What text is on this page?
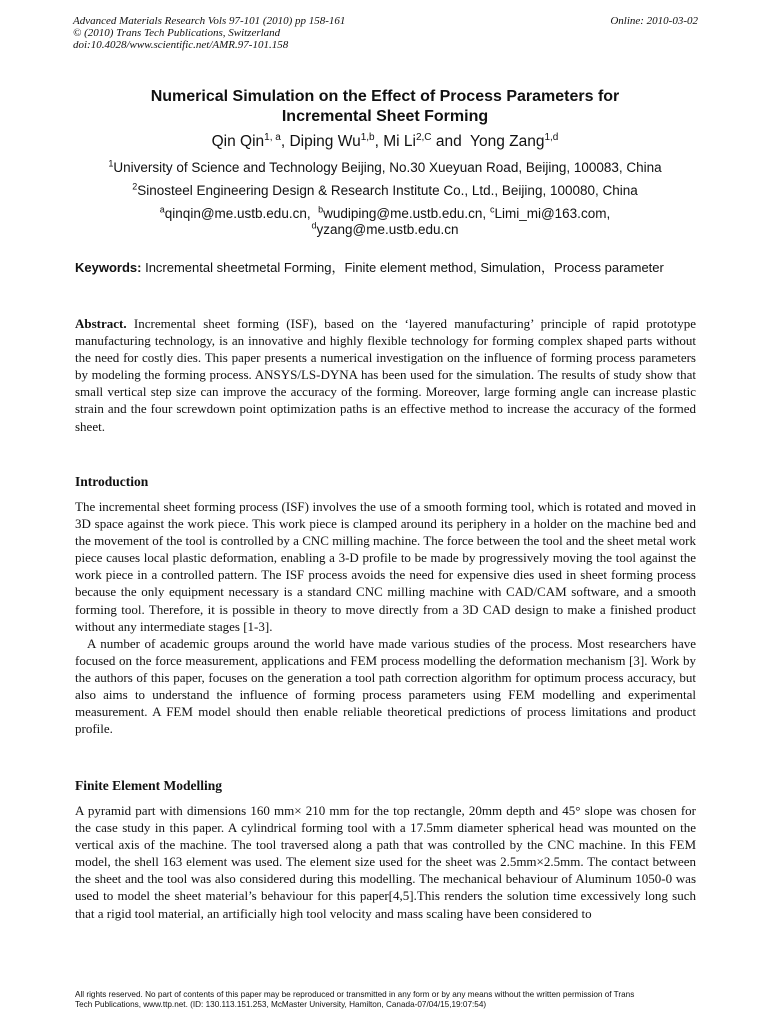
Advanced Materials Research Vols 97-101 (2010) pp 158-161	Online: 2010-03-02
© (2010) Trans Tech Publications, Switzerland
doi:10.4028/www.scientific.net/AMR.97-101.158
Numerical Simulation on the Effect of Process Parameters for
Incremental Sheet Forming
Qin Qin$^{1, a}$, Diping Wu$^{1,b}$, Mi $Li^{2,C}$ and  Yong Zang$^{1,d}$
$^1$University of Science and Technology Beijing, No.30 Xueyuan Road, Beijing, 100083, China
$^2$Sinosteel Engineering Design & Research Institute Co., Ltd., Beijing, 100080, China
$^a$qinqin@me.ustb.edu.cn, $^b$wudiping@me.ustb.edu.cn, $^c$Limi_mi@163.com,
$^d$yzang@me.ustb.edu.cn
Keywords: Incremental sheetmetal Forming，Finite element method, Simulation，Process parameter

Abstract. Incremental sheet forming (ISF), based on the ‘layered manufacturing’ principle of rapid prototype manufacturing technology, is an innovative and highly flexible technology for forming complex shaped parts without the need for costly dies. This paper presents a numerical investigation on the influence of forming process parameters by modeling the forming process. ANSYS/LS-DYNA has been used for the simulation. The results of study show that small vertical step size can improve the accuracy of the forming. Moreover, large forming angle can increase plastic strain and the four screwdown point optimization paths is an effective method to increase the accuracy of the formed sheet.

Introduction

The incremental sheet forming process (ISF) involves the use of a smooth forming tool, which is rotated and moved in 3D space against the work piece. This work piece is clamped around its periphery in a holder on the machine bed and the movement of the tool is controlled by a CNC milling machine. The force between the tool and the sheet metal work piece causes local plastic deformation, enabling a 3-D profile to be made by progressively moving the tool against the work piece in a controlled pattern. The ISF process avoids the need for expensive dies used in sheet forming process because the only equipment necessary is a standard CNC milling machine with CAD/CAM software, and a smooth forming tool. Therefore, it is possible in theory to move directly from a 3D CAD design to make a finished product without any intermediate stages [1-3].

A number of academic groups around the world have made various studies of the process. Most researchers have focused on the force measurement, applications and FEM process modelling the deformation mechanism [3]. Work by the authors of this paper, focuses on the generation a tool path correction algorithm for optimum process accuracy, but also aims to understand the influence of forming process parameters using FEM modelling and experimental measurement. A FEM model should then enable reliable theoretical predictions of process limitations and product profile.

Finite Element Modelling

A pyramid part with dimensions 160 mm× 210 mm for the top rectangle, 20mm depth and 45° slope was chosen for the case study in this paper. A cylindrical forming tool with a 17.5mm diameter spherical head was mounted on the vertical axis of the machine. The tool traversed along a path that was controlled by the CNC machine. In this FEM model, the shell 163 element was used. The element size used for the sheet was 2.5mm×2.5mm. The contact between the sheet and the tool was also considered during this modelling. The mechanical behaviour of Aluminum 1050-0 was used to model the sheet material’s behaviour for this paper[4,5].This renders the solution time excessively long such that a rigid tool material, an artificially high tool velocity and mass scaling have been considered to

All rights reserved. No part of contents of this paper may be reproduced or transmitted in any form or by any means without the written permission of Trans
Tech Publications, www.ttp.net. (ID: 130.113.151.253, McMaster University, Hamilton, Canada-07/04/15,19:07:54)
